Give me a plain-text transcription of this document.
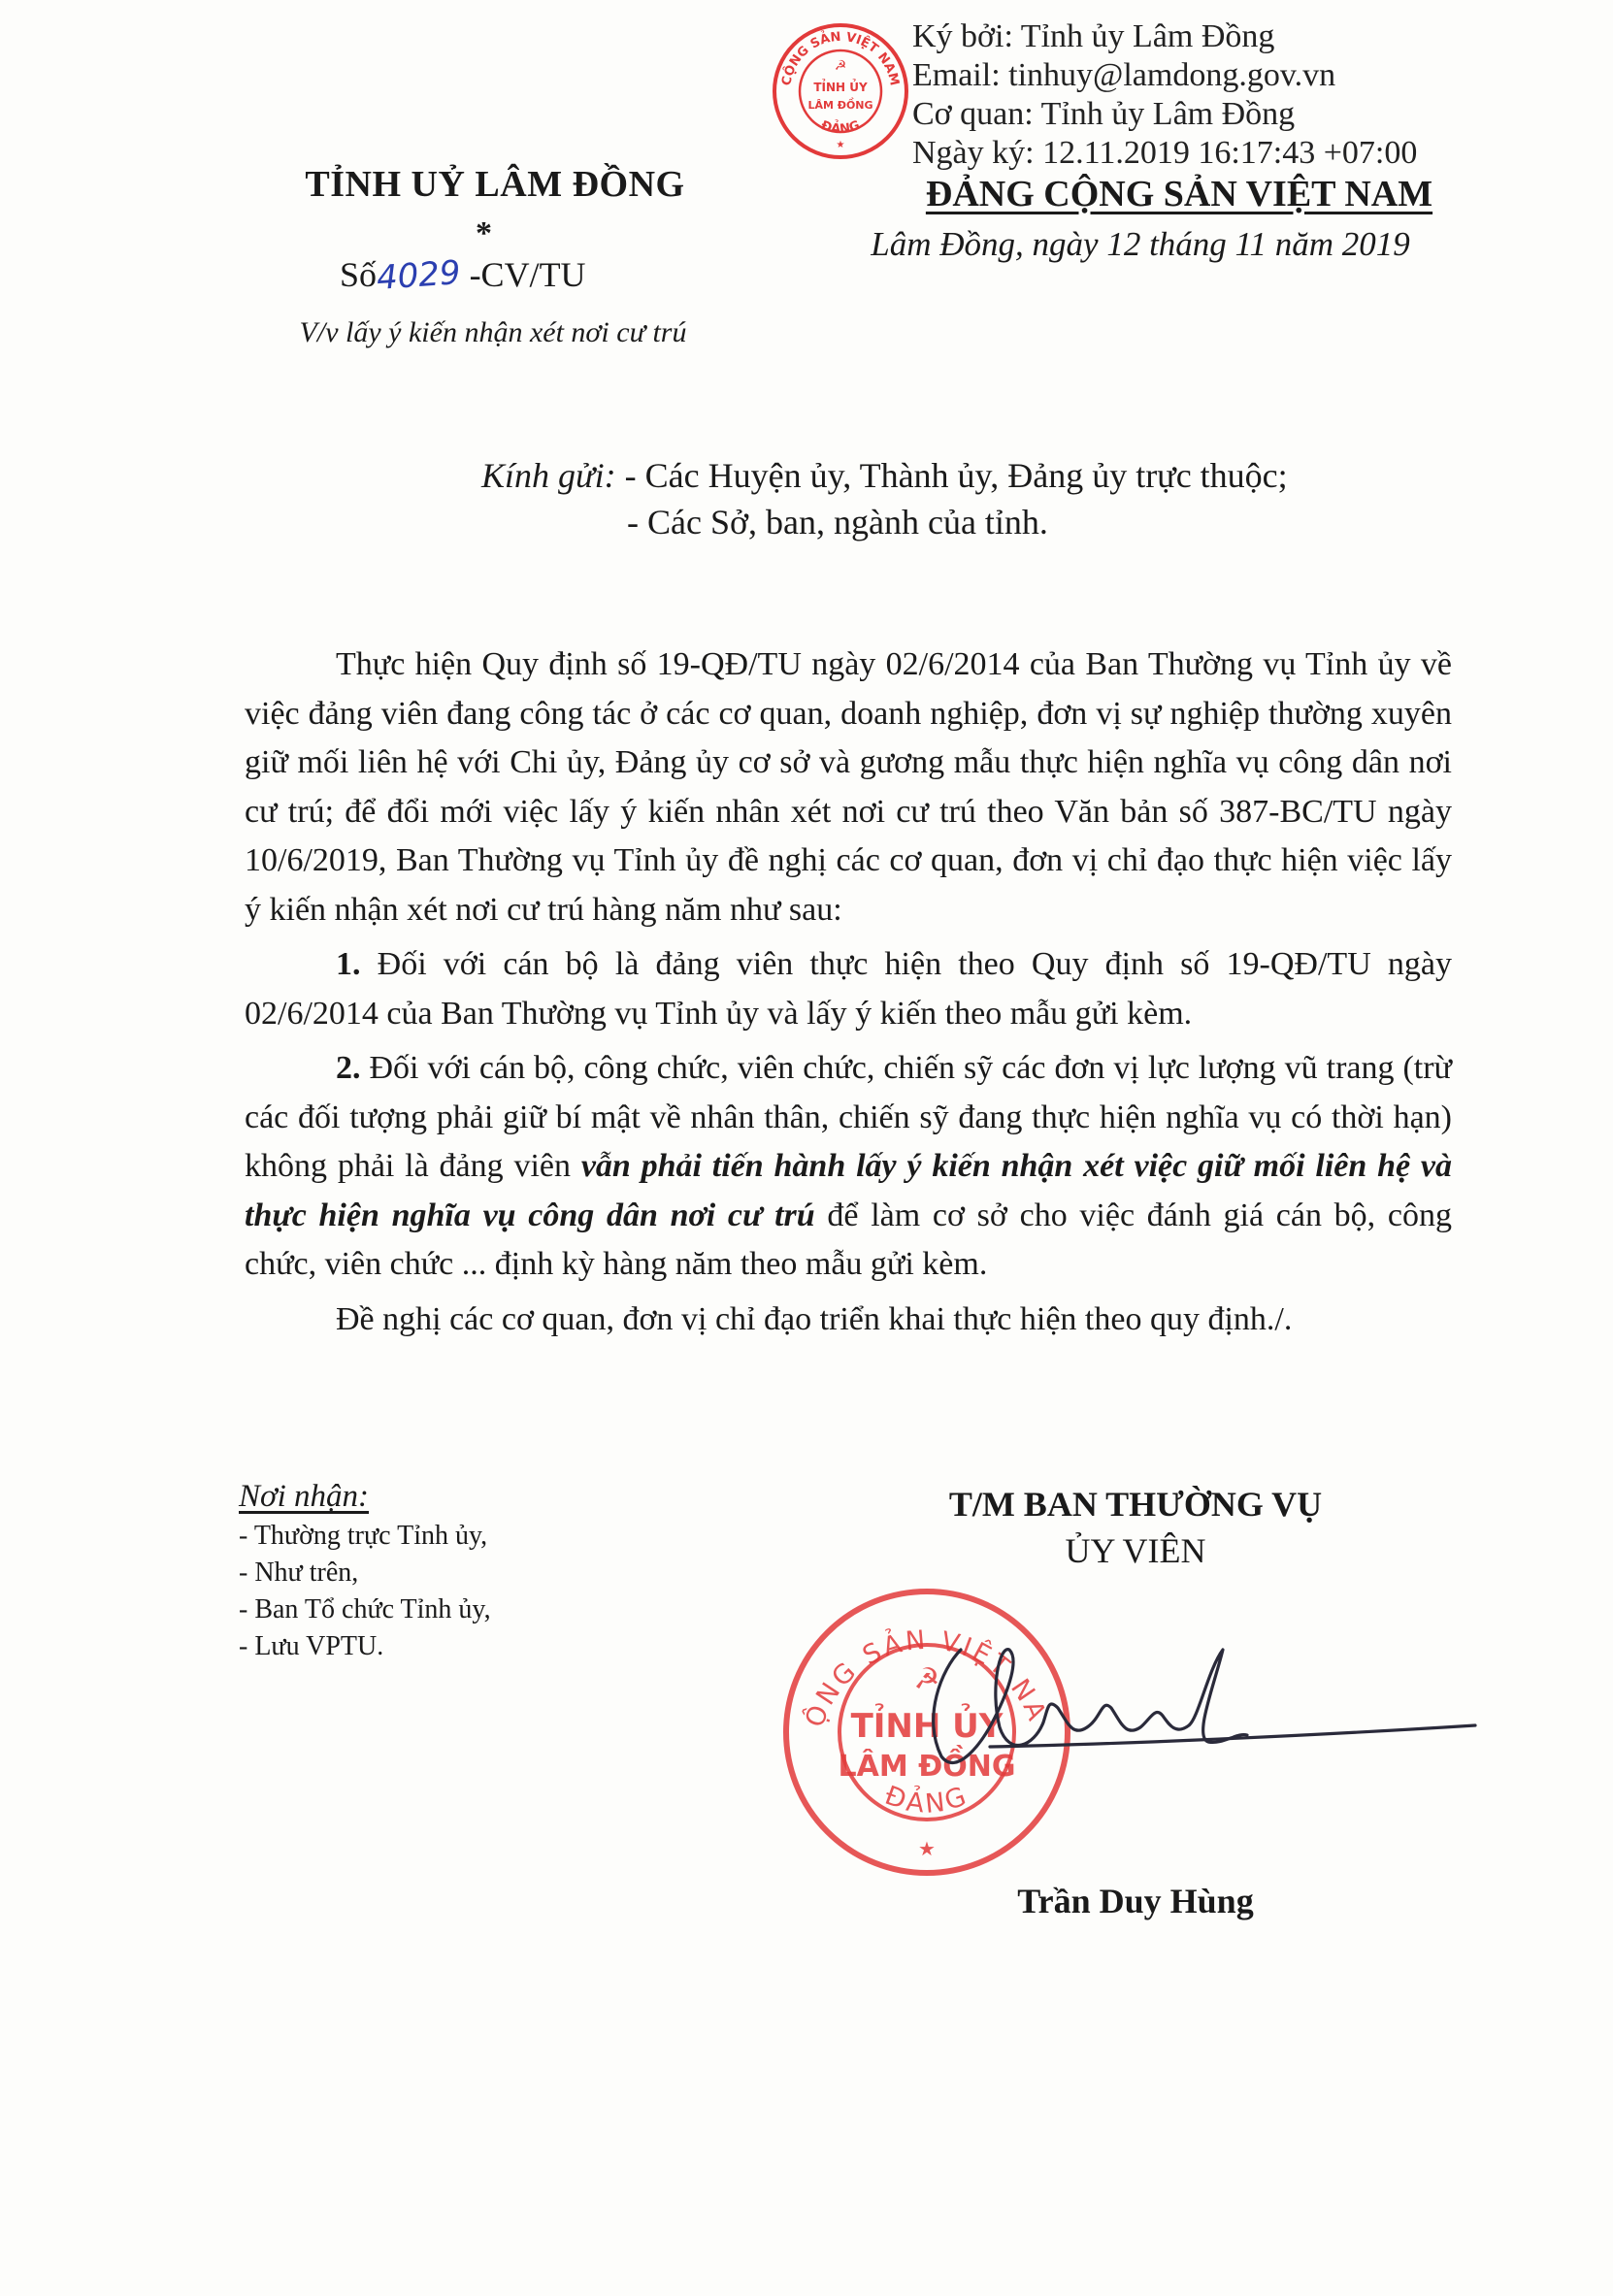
CỘNG SẢN VIỆT NAM
ĐẢNG
☭
TỈNH ỦY
LÂM ĐỒNG
★
Ký bởi: Tỉnh ủy Lâm Đồng
Email: tinhuy@lamdong.gov.vn
Cơ quan: Tỉnh ủy Lâm Đồng
Ngày ký: 12.11.2019 16:17:43 +07:00
TỈNH UỶ LÂM ĐỒNG
*
Số4029 -CV/TU
V/v lấy ý kiến nhận xét nơi cư trú
ĐẢNG CỘNG SẢN VIỆT NAM
Lâm Đồng, ngày 12 tháng 11 năm 2019
Kính gửi: - Các Huyện ủy, Thành ủy, Đảng ủy trực thuộc;
- Các Sở, ban, ngành của tỉnh.

Thực hiện Quy định số 19-QĐ/TU ngày 02/6/2014 của Ban Thường vụ Tỉnh ủy về việc đảng viên đang công tác ở các cơ quan, doanh nghiệp, đơn vị sự nghiệp thường xuyên giữ mối liên hệ với Chi ủy, Đảng ủy cơ sở và gương mẫu thực hiện nghĩa vụ công dân nơi cư trú; để đổi mới việc lấy ý kiến nhân xét nơi cư trú theo Văn bản số 387-BC/TU ngày 10/6/2019, Ban Thường vụ Tỉnh ủy đề nghị các cơ quan, đơn vị chỉ đạo thực hiện việc lấy ý kiến nhận xét nơi cư trú hàng năm như sau:

1. Đối với cán bộ là đảng viên thực hiện theo Quy định số 19-QĐ/TU ngày 02/6/2014 của Ban Thường vụ Tỉnh ủy và lấy ý kiến theo mẫu gửi kèm.

2. Đối với cán bộ, công chức, viên chức, chiến sỹ các đơn vị lực lượng vũ trang (trừ các đối tượng phải giữ bí mật về nhân thân, chiến sỹ đang thực hiện nghĩa vụ có thời hạn) không phải là đảng viên vẫn phải tiến hành lấy ý kiến nhận xét việc giữ mối liên hệ và thực hiện nghĩa vụ công dân nơi cư trú để làm cơ sở cho việc đánh giá cán bộ, công chức, viên chức ... định kỳ hàng năm theo mẫu gửi kèm.

Đề nghị các cơ quan, đơn vị chỉ đạo triển khai thực hiện theo quy định./.

Nơi nhận:
- Thường trực Tỉnh ủy,
- Như trên,
- Ban Tổ chức Tỉnh ủy,
- Lưu VPTU.
T/M BAN THƯỜNG VỤ
ỦY VIÊN
ỘNG SẢN VIỆT NA
ĐẢNG
☭
TỈNH ỦY
LÂM ĐỒNG
★
Trần Duy Hùng
